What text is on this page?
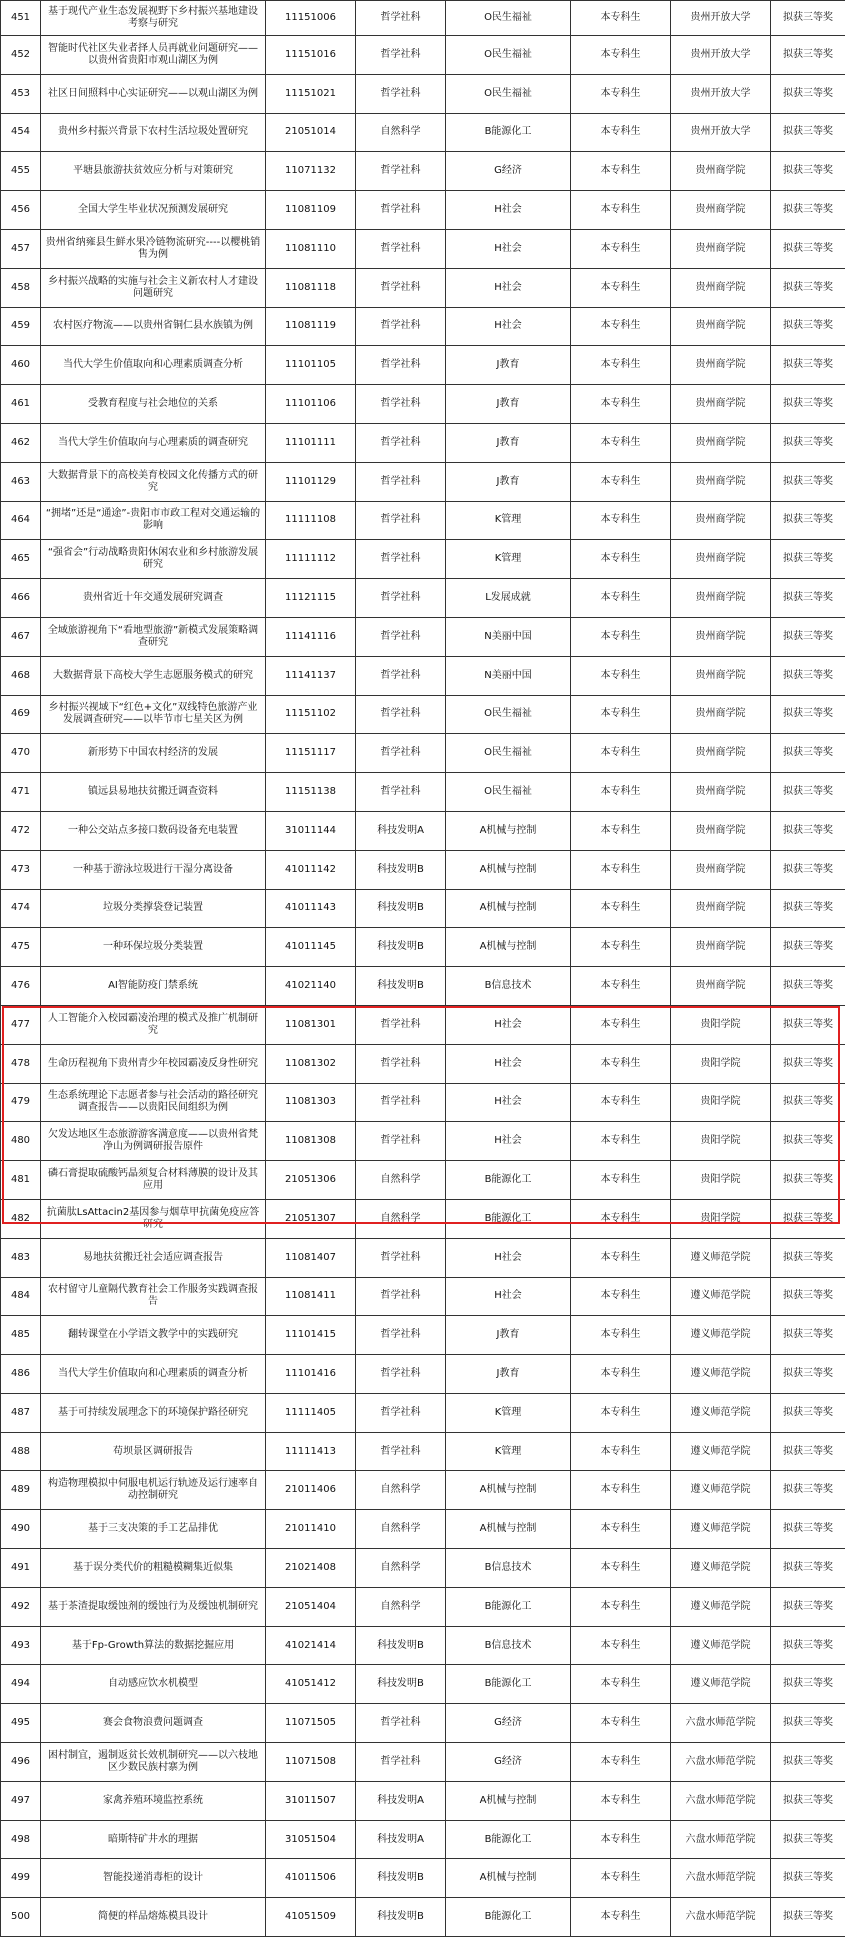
451	基于现代产业生态发展视野下乡村振兴基地建设考察与研究	11151006	哲学社科	O民生福祉	本专科生	贵州开放大学	拟获三等奖
452	智能时代社区失业者择人员再就业问题研究——以贵州省贵阳市观山湖区为例	11151016	哲学社科	O民生福祉	本专科生	贵州开放大学	拟获三等奖
453	社区日间照料中心实证研究——以观山湖区为例	11151021	哲学社科	O民生福祉	本专科生	贵州开放大学	拟获三等奖
454	贵州乡村振兴背景下农村生活垃圾处置研究	21051014	自然科学	B能源化工	本专科生	贵州开放大学	拟获三等奖
455	平塘县旅游扶贫效应分析与对策研究	11071132	哲学社科	G经济	本专科生	贵州商学院	拟获三等奖
456	全国大学生毕业状况预测发展研究	11081109	哲学社科	H社会	本专科生	贵州商学院	拟获三等奖
457	贵州省纳雍县生鲜水果冷链物流研究----以樱桃销售为例	11081110	哲学社科	H社会	本专科生	贵州商学院	拟获三等奖
458	乡村振兴战略的实施与社会主义新农村人才建设问题研究	11081118	哲学社科	H社会	本专科生	贵州商学院	拟获三等奖
459	农村医疗物流——以贵州省铜仁县水族镇为例	11081119	哲学社科	H社会	本专科生	贵州商学院	拟获三等奖
460	当代大学生价值取向和心理素质调查分析	11101105	哲学社科	J教育	本专科生	贵州商学院	拟获三等奖
461	受教育程度与社会地位的关系	11101106	哲学社科	J教育	本专科生	贵州商学院	拟获三等奖
462	当代大学生价值取向与心理素质的调查研究	11101111	哲学社科	J教育	本专科生	贵州商学院	拟获三等奖
463	大数据背景下的高校美育校园文化传播方式的研究	11101129	哲学社科	J教育	本专科生	贵州商学院	拟获三等奖
464	“拥堵”还是“通途”-贵阳市市政工程对交通运输的影响	11111108	哲学社科	K管理	本专科生	贵州商学院	拟获三等奖
465	“强省会”行动战略贵阳休闲农业和乡村旅游发展研究	11111112	哲学社科	K管理	本专科生	贵州商学院	拟获三等奖
466	贵州省近十年交通发展研究调查	11121115	哲学社科	L发展成就	本专科生	贵州商学院	拟获三等奖
467	全域旅游视角下“看地型旅游”新模式发展策略调查研究	11141116	哲学社科	N美丽中国	本专科生	贵州商学院	拟获三等奖
468	大数据背景下高校大学生志愿服务模式的研究	11141137	哲学社科	N美丽中国	本专科生	贵州商学院	拟获三等奖
469	乡村振兴视域下“红色+文化”双线特色旅游产业发展调查研究——以毕节市七星关区为例	11151102	哲学社科	O民生福祉	本专科生	贵州商学院	拟获三等奖
470	新形势下中国农村经济的发展	11151117	哲学社科	O民生福祉	本专科生	贵州商学院	拟获三等奖
471	镇远县易地扶贫搬迁调查资料	11151138	哲学社科	O民生福祉	本专科生	贵州商学院	拟获三等奖
472	一种公交站点多接口数码设备充电装置	31011144	科技发明A	A机械与控制	本专科生	贵州商学院	拟获三等奖
473	一种基于游泳垃圾进行干湿分离设备	41011142	科技发明B	A机械与控制	本专科生	贵州商学院	拟获三等奖
474	垃圾分类撑袋登记装置	41011143	科技发明B	A机械与控制	本专科生	贵州商学院	拟获三等奖
475	一种环保垃圾分类装置	41011145	科技发明B	A机械与控制	本专科生	贵州商学院	拟获三等奖
476	AI智能防疫门禁系统	41021140	科技发明B	B信息技术	本专科生	贵州商学院	拟获三等奖
477	人工智能介入校园霸凌治理的模式及推广机制研究	11081301	哲学社科	H社会	本专科生	贵阳学院	拟获三等奖
478	生命历程视角下贵州青少年校园霸凌反身性研究	11081302	哲学社科	H社会	本专科生	贵阳学院	拟获三等奖
479	生态系统理论下志愿者参与社会活动的路径研究调查报告——以贵阳民间组织为例	11081303	哲学社科	H社会	本专科生	贵阳学院	拟获三等奖
480	欠发达地区生态旅游游客满意度——以贵州省梵净山为例调研报告原件	11081308	哲学社科	H社会	本专科生	贵阳学院	拟获三等奖
481	磷石膏提取硫酸钙晶须复合材料薄膜的设计及其应用	21051306	自然科学	B能源化工	本专科生	贵阳学院	拟获三等奖
482	抗菌肽LsAttacin2基因参与烟草甲抗菌免疫应答研究	21051307	自然科学	B能源化工	本专科生	贵阳学院	拟获三等奖
483	易地扶贫搬迁社会适应调查报告	11081407	哲学社科	H社会	本专科生	遵义师范学院	拟获三等奖
484	农村留守儿童隔代教育社会工作服务实践调查报告	11081411	哲学社科	H社会	本专科生	遵义师范学院	拟获三等奖
485	翻转课堂在小学语文教学中的实践研究	11101415	哲学社科	J教育	本专科生	遵义师范学院	拟获三等奖
486	当代大学生价值取向和心理素质的调查分析	11101416	哲学社科	J教育	本专科生	遵义师范学院	拟获三等奖
487	基于可持续发展理念下的环境保护路径研究	11111405	哲学社科	K管理	本专科生	遵义师范学院	拟获三等奖
488	苟坝景区调研报告	11111413	哲学社科	K管理	本专科生	遵义师范学院	拟获三等奖
489	构造物理模拟中伺服电机运行轨迹及运行速率自动控制研究	21011406	自然科学	A机械与控制	本专科生	遵义师范学院	拟获三等奖
490	基于三支决策的手工艺品排优	21011410	自然科学	A机械与控制	本专科生	遵义师范学院	拟获三等奖
491	基于误分类代价的粗糙模糊集近似集	21021408	自然科学	B信息技术	本专科生	遵义师范学院	拟获三等奖
492	基于茶渣提取缓蚀剂的缓蚀行为及缓蚀机制研究	21051404	自然科学	B能源化工	本专科生	遵义师范学院	拟获三等奖
493	基于Fp-Growth算法的数据挖掘应用	41021414	科技发明B	B信息技术	本专科生	遵义师范学院	拟获三等奖
494	自动感应饮水机模型	41051412	科技发明B	B能源化工	本专科生	遵义师范学院	拟获三等奖
495	赛会食物浪费问题调查	11071505	哲学社科	G经济	本专科生	六盘水师范学院	拟获三等奖
496	困村制宜，遏制返贫长效机制研究——以六枝地区少数民族村寨为例	11071508	哲学社科	G经济	本专科生	六盘水师范学院	拟获三等奖
497	家禽养殖环境监控系统	31011507	科技发明A	A机械与控制	本专科生	六盘水师范学院	拟获三等奖
498	暗斯特矿井水的理据	31051504	科技发明A	B能源化工	本专科生	六盘水师范学院	拟获三等奖
499	智能投递消毒柜的设计	41011506	科技发明B	A机械与控制	本专科生	六盘水师范学院	拟获三等奖
500	简便的样品熔炼模具设计	41051509	科技发明B	B能源化工	本专科生	六盘水师范学院	拟获三等奖
